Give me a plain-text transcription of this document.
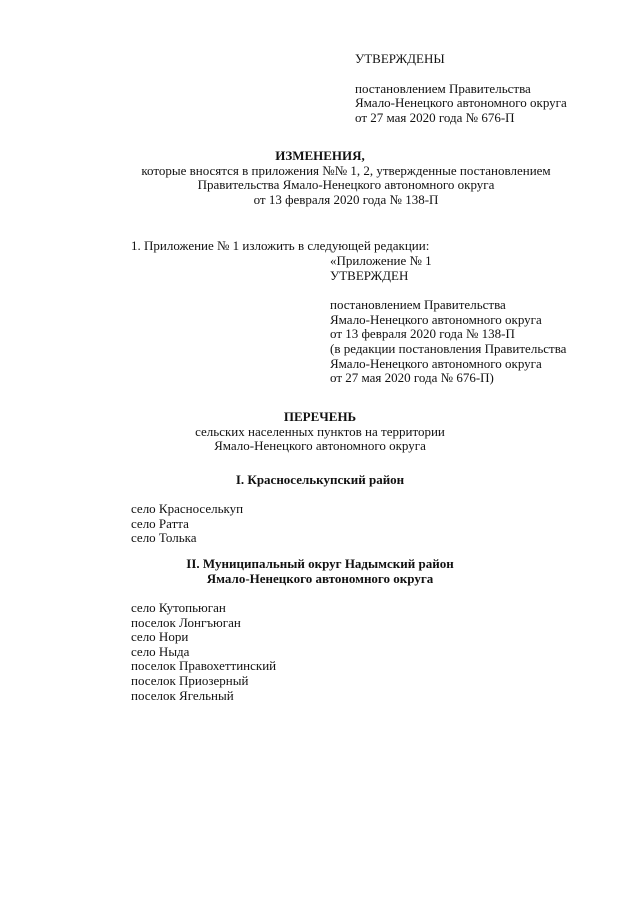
УТВЕРЖДЕНЫ
постановлением Правительства
Ямало-Ненецкого автономного округа
от 27 мая 2020 года № 676-П
ИЗМЕНЕНИЯ,
которые вносятся в приложения №№ 1, 2, утвержденные постановлением
Правительства Ямало-Ненецкого автономного округа
от 13 февраля 2020 года № 138-П
1. Приложение № 1 изложить в следующей редакции:
«Приложение № 1
УТВЕРЖДЕН
постановлением Правительства
Ямало-Ненецкого автономного округа
от 13 февраля 2020 года № 138-П
(в редакции постановления Правительства
Ямало-Ненецкого автономного округа
от 27 мая 2020 года № 676-П)
ПЕРЕЧЕНЬ
сельских населенных пунктов на территории
Ямало-Ненецкого автономного округа
I. Красноселькупский район
село Красноселькуп
село Ратта
село Толька
II. Муниципальный округ Надымский район
Ямало-Ненецкого автономного округа
село Кутопьюган
поселок Лонгъюган
село Нори
село Ныда
поселок Правохеттинский
поселок Приозерный
поселок Ягельный
